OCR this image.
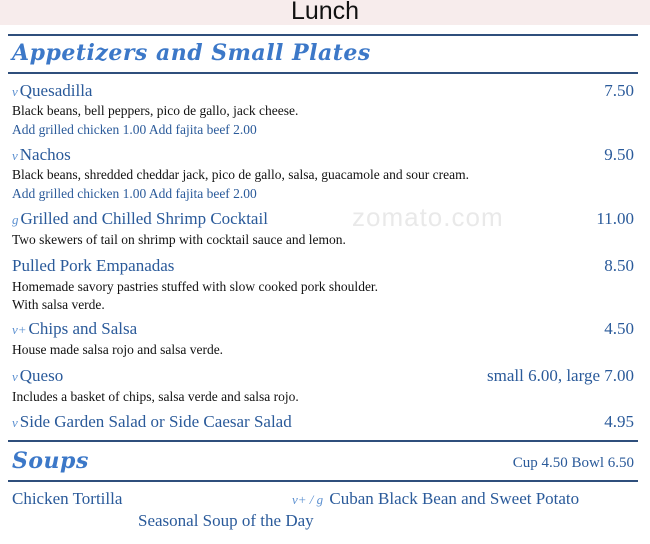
Lunch
Appetizers and Small Plates
zomato.com
v Quesadilla	7.50
Black beans, bell peppers, pico de gallo, jack cheese.
Add grilled chicken 1.00 Add fajita beef 2.00
v Nachos	9.50
Black beans, shredded cheddar jack, pico de gallo, salsa, guacamole and sour cream.
Add grilled chicken 1.00 Add fajita beef 2.00
g Grilled and Chilled Shrimp Cocktail	11.00
Two skewers of tail on shrimp with cocktail sauce and lemon.
Pulled Pork Empanadas	8.50
Homemade savory pastries stuffed with slow cooked pork shoulder.
With salsa verde.
v+ Chips and Salsa	4.50
House made salsa rojo and salsa verde.
v Queso	small 6.00, large 7.00
Includes a basket of chips, salsa verde and salsa rojo.
v Side Garden Salad or Side Caesar Salad	4.95
Soups	Cup 4.50 Bowl 6.50
Chicken Tortilla	v+ / g Cuban Black Bean and Sweet Potato
Seasonal Soup of the Day
